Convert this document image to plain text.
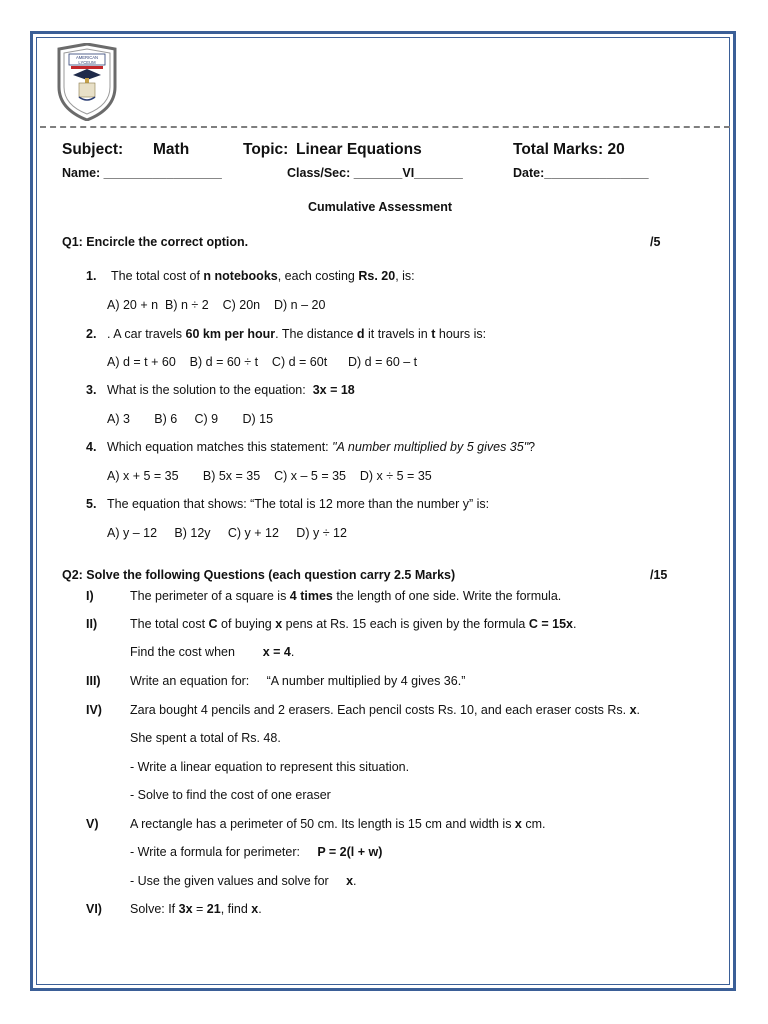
AMERICAN
LYCEUM
Subject: Math	Topic: Linear Equations	Total Marks: 20
Name: _________________	Class/Sec: _______VI_______	Date:_______________
Cumulative Assessment
Q1: Encircle the correct option.	/5
1. The total cost of n notebooks, each costing Rs. 20, is:
A) 20 + n  B) n ÷ 2    C) 20n    D) n – 20
2. . A car travels 60 km per hour. The distance d it travels in t hours is:
A) d = t + 60    B) d = 60 ÷ t    C) d = 60t      D) d = 60 – t
3. What is the solution to the equation:  3x = 18
A) 3       B) 6     C) 9       D) 15
4. Which equation matches this statement: "A number multiplied by 5 gives 35"?
A) x + 5 = 35       B) 5x = 35    C) x – 5 = 35    D) x ÷ 5 = 35
5. The equation that shows: “The total is 12 more than the number y” is:
A) y – 12     B) 12y     C) y + 12     D) y ÷ 12
Q2: Solve the following Questions (each question carry 2.5 Marks)	/15
I)	The perimeter of a square is 4 times the length of one side. Write the formula.
II)	The total cost C of buying x pens at Rs. 15 each is given by the formula C = 15x.
Find the cost when        x = 4.
III) Write an equation for:     “A number multiplied by 4 gives 36.”
IV) Zara bought 4 pencils and 2 erasers. Each pencil costs Rs. 10, and each eraser costs Rs. x.
She spent a total of Rs. 48.
- Write a linear equation to represent this situation.
- Solve to find the cost of one eraser
V)	A rectangle has a perimeter of 50 cm. Its length is 15 cm and width is x cm.
- Write a formula for perimeter:     P = 2(l + w)
- Use the given values and solve for     x.
VI) Solve: If 3x = 21, find x.
